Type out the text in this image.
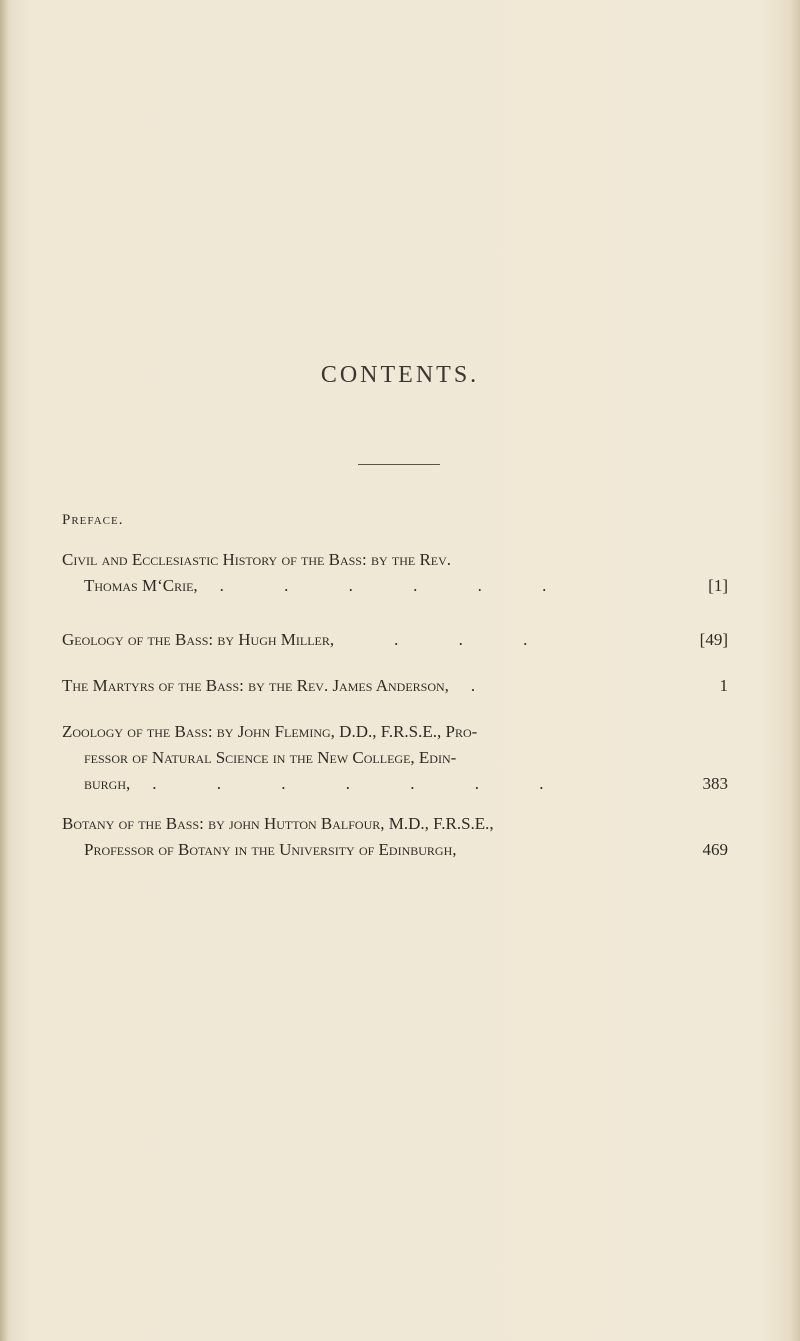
CONTENTS.
Preface.
Civil and Ecclesiastic History of the Bass: by the Rev.
Thomas M‘Crie, . . . . . .	[1]
Geology of the Bass: by Hugh Miller,	. . .	[49]
The Martyrs of the Bass: by the Rev. James Anderson, .	1
Zoology of the Bass: by John Fleming, D.D., F.R.S.E., Pro-
fessor of Natural Science in the New College, Edin-
burgh, . . . . . . .	383
Botany of the Bass: by john Hutton Balfour, M.D., F.R.S.E.,
Professor of Botany in the University of Edinburgh,	469
